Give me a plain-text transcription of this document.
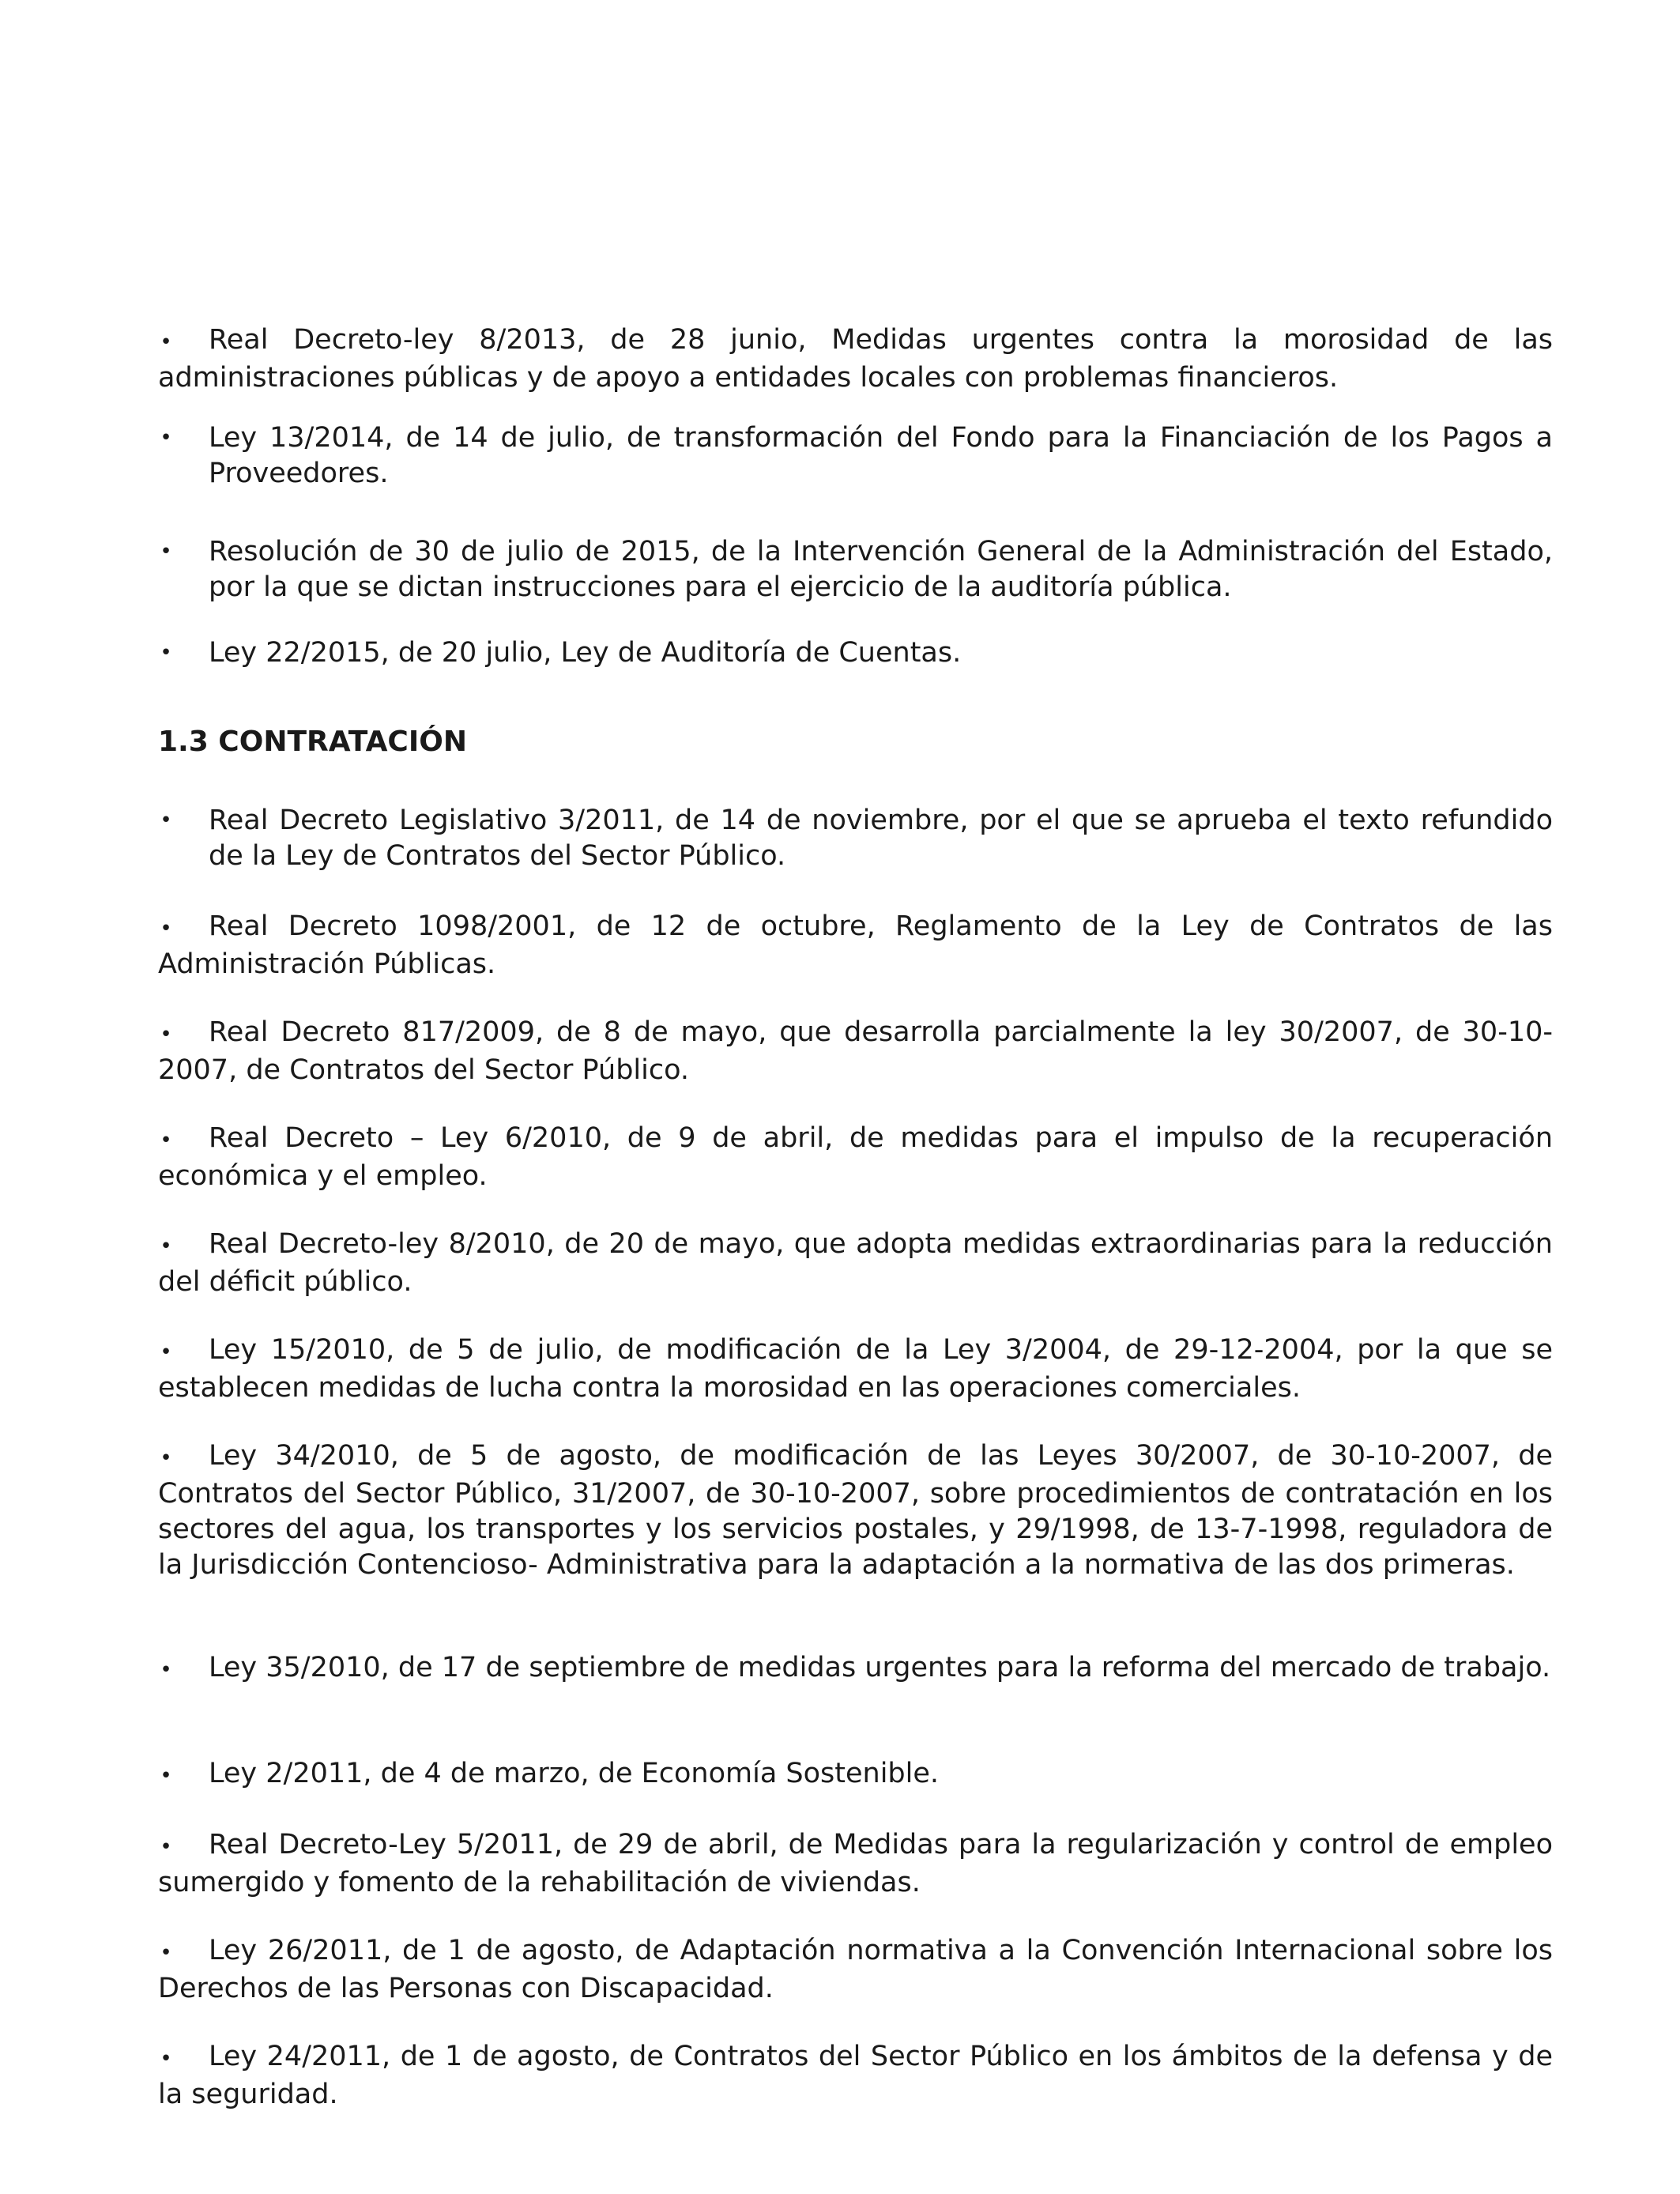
• Real Decreto-ley 8/2013, de 28 junio, Medidas urgentes contra la morosidad de las administraciones públicas y de apoyo a entidades locales con problemas financieros.
• Ley 13/2014, de 14 de julio, de transformación del Fondo para la Financiación de los Pagos a Proveedores.
• Resolución de 30 de julio de 2015, de la Intervención General de la Administración del Estado, por la que se dictan instrucciones para el ejercicio de la auditoría pública.
• Ley 22/2015, de 20 julio, Ley de Auditoría de Cuentas.
1.3 CONTRATACIÓN
• Real Decreto Legislativo 3/2011, de 14 de noviembre, por el que se aprueba el texto refundido de la Ley de Contratos del Sector Público.
• Real Decreto 1098/2001, de 12 de octubre, Reglamento de la Ley de Contratos de las Administración Públicas.
• Real Decreto 817/2009, de 8 de mayo, que desarrolla parcialmente la ley 30/2007, de 30-10-2007, de Contratos del Sector Público.
• Real Decreto – Ley 6/2010, de 9 de abril, de medidas para el impulso de la recuperación económica y el empleo.
• Real Decreto-ley 8/2010, de 20 de mayo, que adopta medidas extraordinarias para la reducción del déficit público.
• Ley 15/2010, de 5 de julio, de modificación de la Ley 3/2004, de 29-12-2004, por la que se establecen medidas de lucha contra la morosidad en las operaciones comerciales.
• Ley 34/2010, de 5 de agosto, de modificación de las Leyes 30/2007, de 30-10-2007, de Contratos del Sector Público, 31/2007, de 30-10-2007, sobre procedimientos de contratación en los sectores del agua, los transportes y los servicios postales, y 29/1998, de 13-7-1998, reguladora de la Jurisdicción Contencioso- Administrativa para la adaptación a la normativa de las dos primeras.
• Ley 35/2010, de 17 de septiembre de medidas urgentes para la reforma del mercado de trabajo.
• Ley 2/2011, de 4 de marzo, de Economía Sostenible.
• Real Decreto-Ley 5/2011, de 29 de abril, de Medidas para la regularización y control de empleo sumergido y fomento de la rehabilitación de viviendas.
• Ley 26/2011, de 1 de agosto, de Adaptación normativa a la Convención Internacional sobre los Derechos de las Personas con Discapacidad.
• Ley 24/2011, de 1 de agosto, de Contratos del Sector Público en los ámbitos de la defensa y de la seguridad.
